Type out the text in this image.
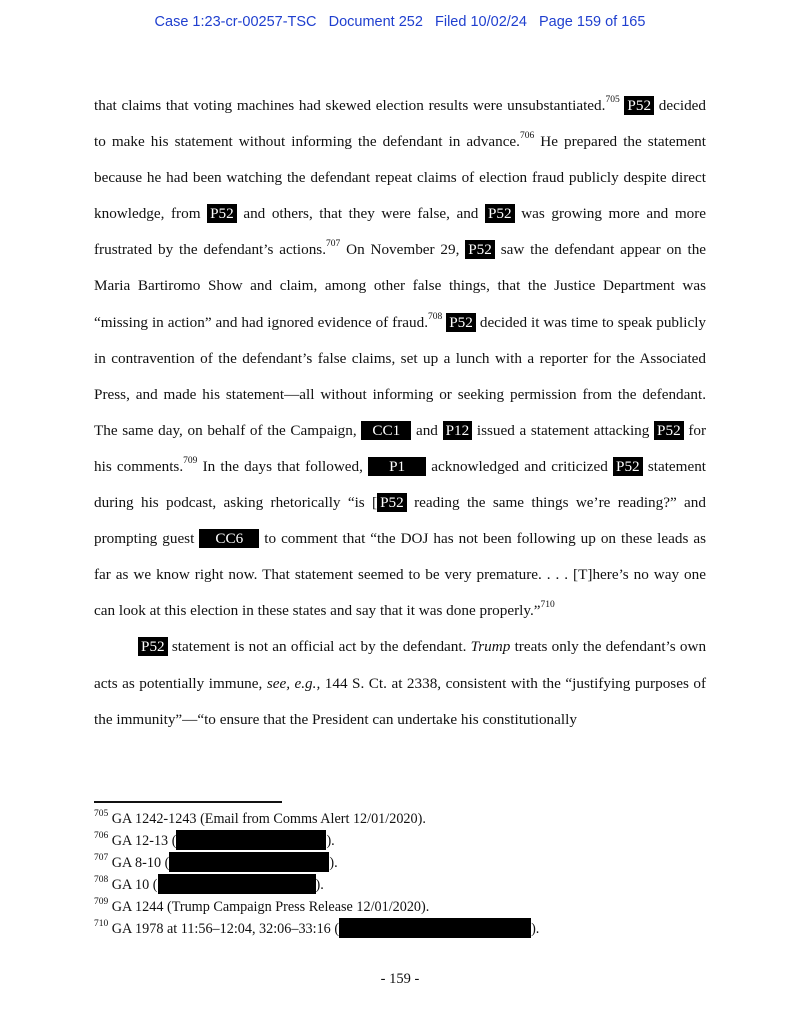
Case 1:23-cr-00257-TSC   Document 252   Filed 10/02/24   Page 159 of 165

that claims that voting machines had skewed election results were unsubstantiated.$^{705}$ P52 decided to make his statement without informing the defendant in advance.$^{706}$ He prepared the statement because he had been watching the defendant repeat claims of election fraud publicly despite direct knowledge, from P52 and others, that they were false, and P52 was growing more and more frustrated by the defendant’s actions.$^{707}$ On November 29, P52 saw the defendant appear on the Maria Bartiromo Show and claim, among other false things, that the Justice Department was “missing in action” and had ignored evidence of fraud.$^{708}$ P52 decided it was time to speak publicly in contravention of the defendant’s false claims, set up a lunch with a reporter for the Associated Press, and made his statement—all without informing or seeking permission from the defendant. The same day, on behalf of the Campaign, CC1 and P12 issued a statement attacking P52 for his comments.$^{709}$ In the days that followed, P1 acknowledged and criticized P52 statement during his podcast, asking rhetorically “is [ P52 reading the same things we’re reading?” and prompting guest CC6 to comment that “the DOJ has not been following up on these leads as far as we know right now. That statement seemed to be very premature. . . . [T]here’s no way one can look at this election in these states and say that it was done properly.”$^{710}$

P52 statement is not an official act by the defendant. Trump treats only the defendant’s own acts as potentially immune, see, e.g., 144 S. Ct. at 2338, consistent with the “justifying purposes of the immunity”—“to ensure that the President can undertake his constitutionally

$^{705}$ GA 1242-1243 (Email from Comms Alert 12/01/2020).
$^{706}$ GA 12-13 (	).
$^{707}$ GA 8-10 (	).
$^{708}$ GA 10 (	).
$^{709}$ GA 1244 (Trump Campaign Press Release 12/01/2020).
$^{710}$ GA 1978 at 11:56–12:04, 32:06–33:16 (	).
- 159 -
